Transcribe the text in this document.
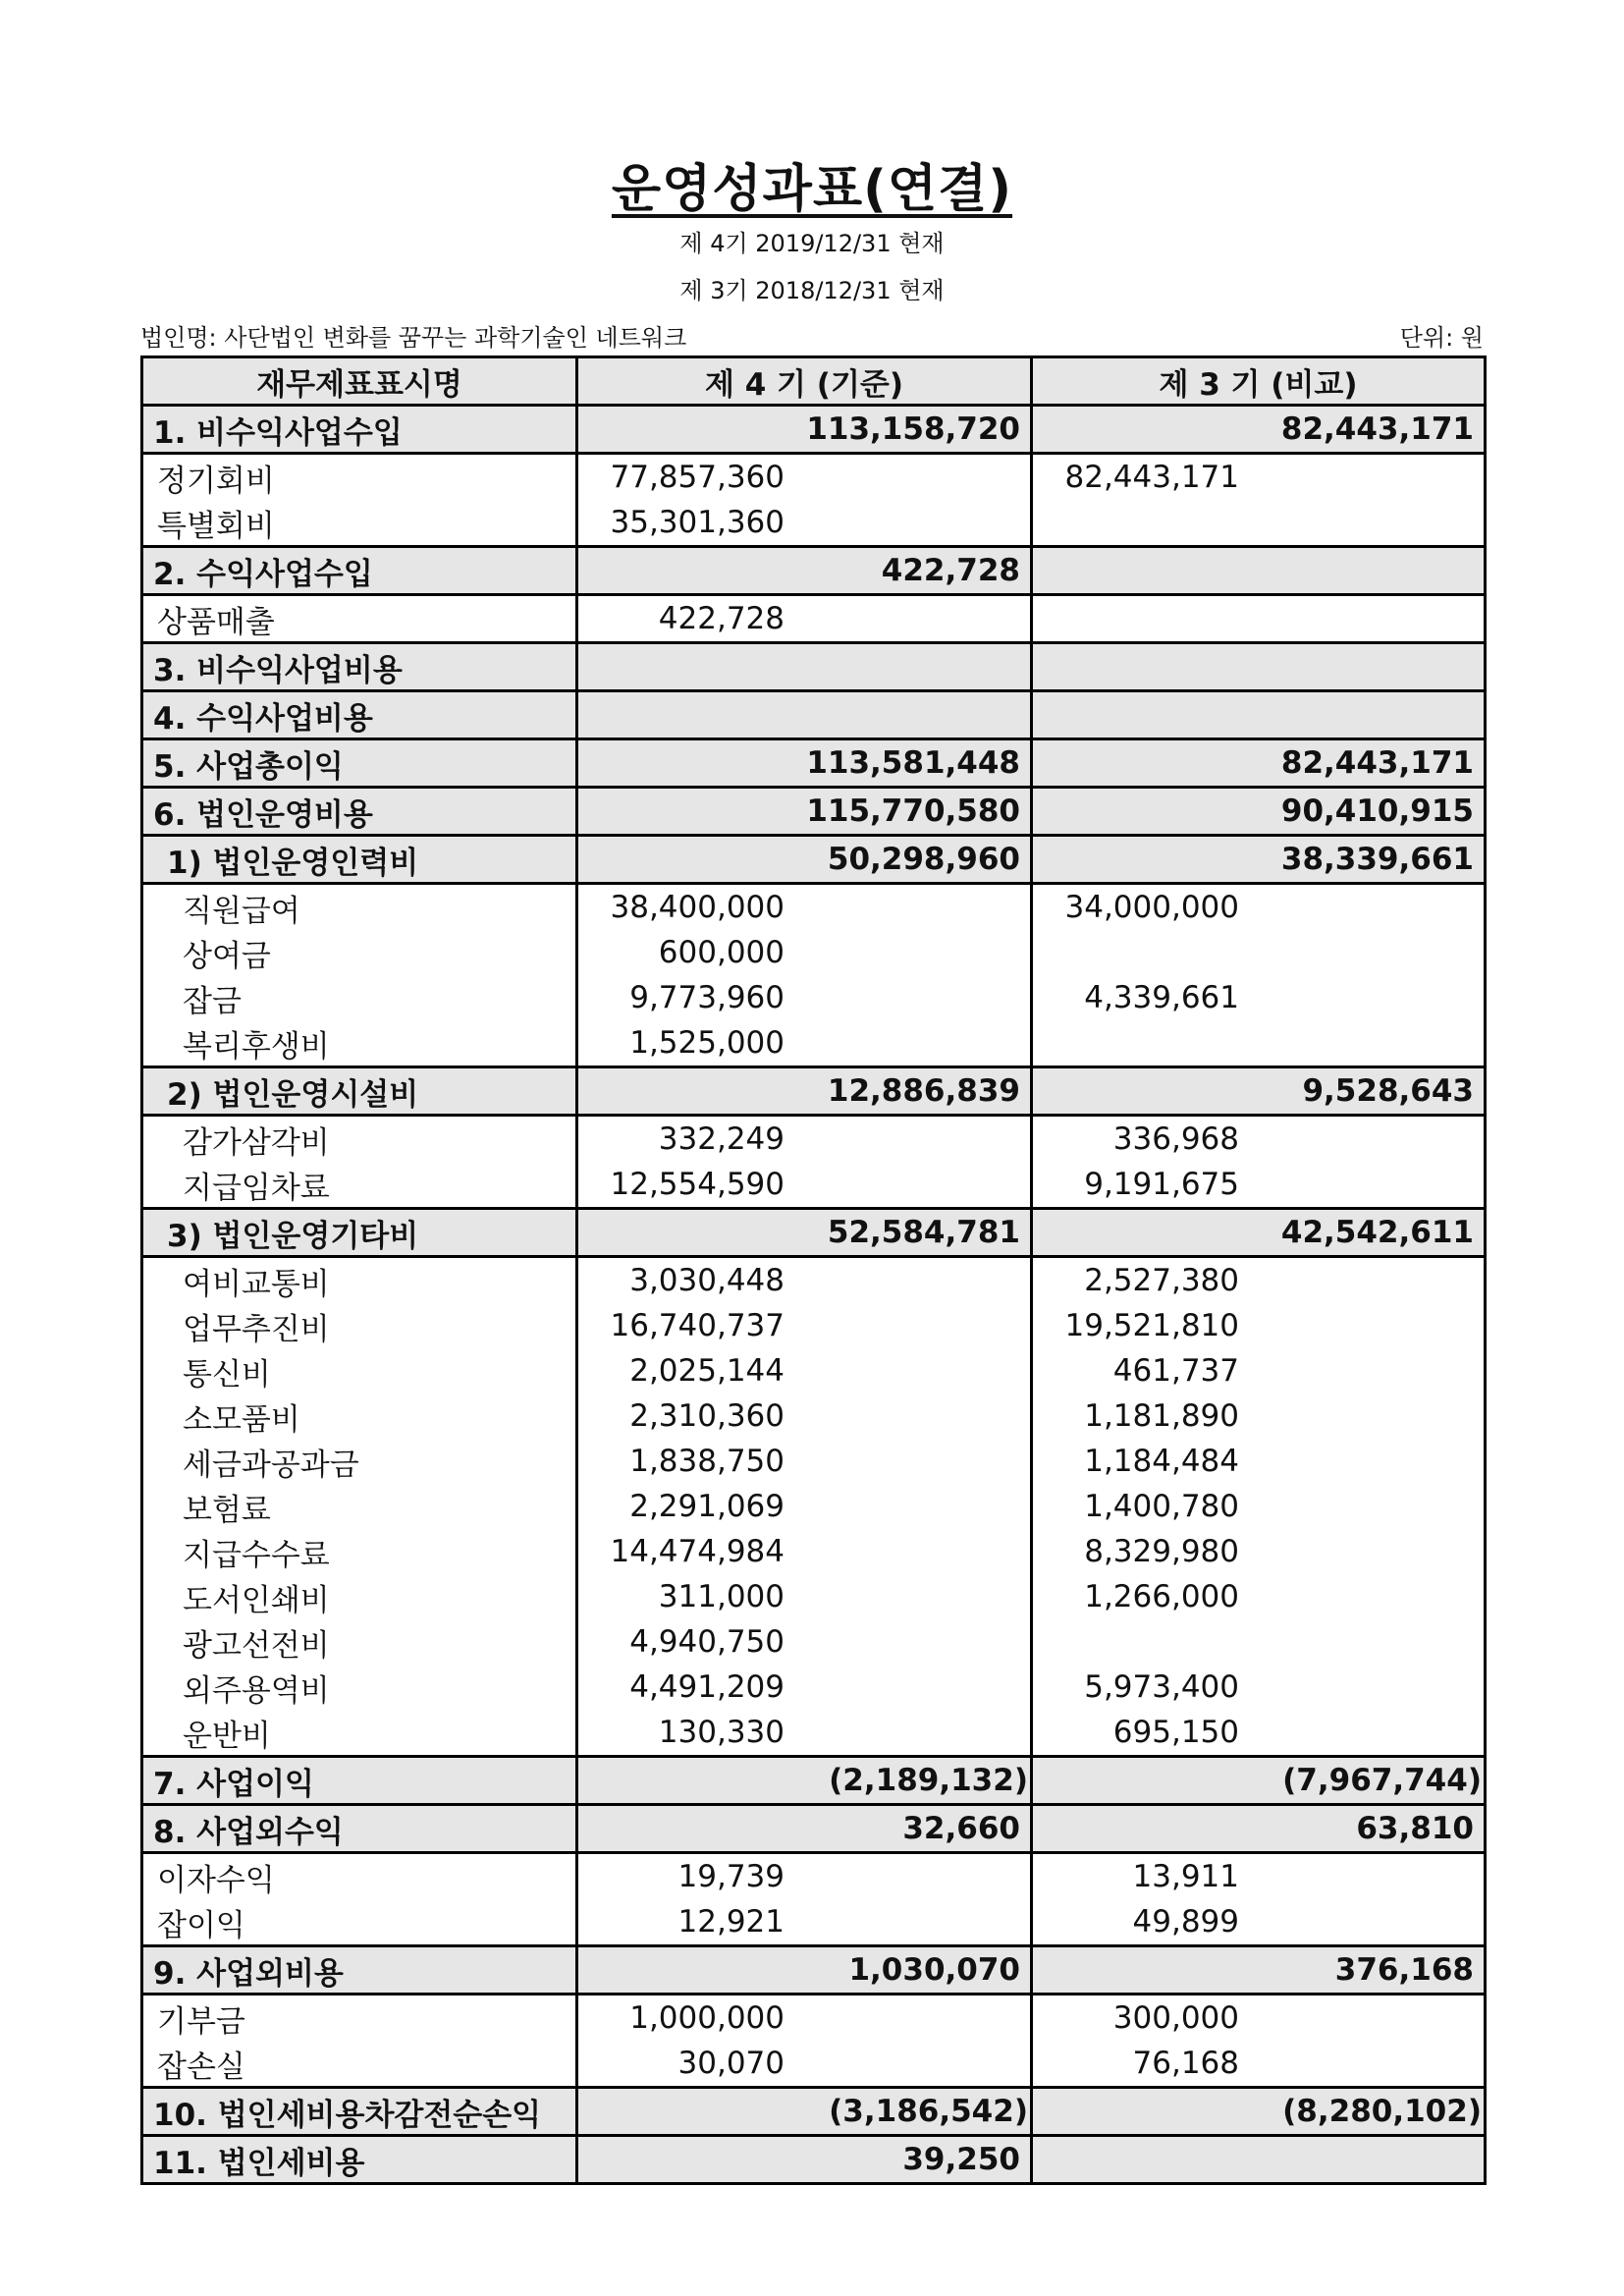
운영성과표(연결)
제 4기 2019/12/31 현재
제 3기 2018/12/31 현재
법인명: 사단법인 변화를 꿈꾸는 과학기술인 네트워크	단위: 원
재무제표표시명	제 4 기 (기준)	제 3 기 (비교)
1. 비수익사업수입	113,158,720	82,443,171
정기회비	77,857,360	82,443,171
특별회비	35,301,360	
2. 수익사업수입	422,728	
상품매출	422,728	
3. 비수익사업비용		
4. 수익사업비용		
5. 사업총이익	113,581,448	82,443,171
6. 법인운영비용	115,770,580	90,410,915
1) 법인운영인력비	50,298,960	38,339,661
직원급여	38,400,000	34,000,000
상여금	600,000	
잡금	9,773,960	4,339,661
복리후생비	1,525,000	
2) 법인운영시설비	12,886,839	9,528,643
감가삼각비	332,249	336,968
지급임차료	12,554,590	9,191,675
3) 법인운영기타비	52,584,781	42,542,611
여비교통비	3,030,448	2,527,380
업무추진비	16,740,737	19,521,810
통신비	2,025,144	461,737
소모품비	2,310,360	1,181,890
세금과공과금	1,838,750	1,184,484
보험료	2,291,069	1,400,780
지급수수료	14,474,984	8,329,980
도서인쇄비	311,000	1,266,000
광고선전비	4,940,750	
외주용역비	4,491,209	5,973,400
운반비	130,330	695,150
7. 사업이익	(2,189,132)	(7,967,744)
8. 사업외수익	32,660	63,810
이자수익	19,739	13,911
잡이익	12,921	49,899
9. 사업외비용	1,030,070	376,168
기부금	1,000,000	300,000
잡손실	30,070	76,168
10. 법인세비용차감전순손익	(3,186,542)	(8,280,102)
11. 법인세비용	39,250	
